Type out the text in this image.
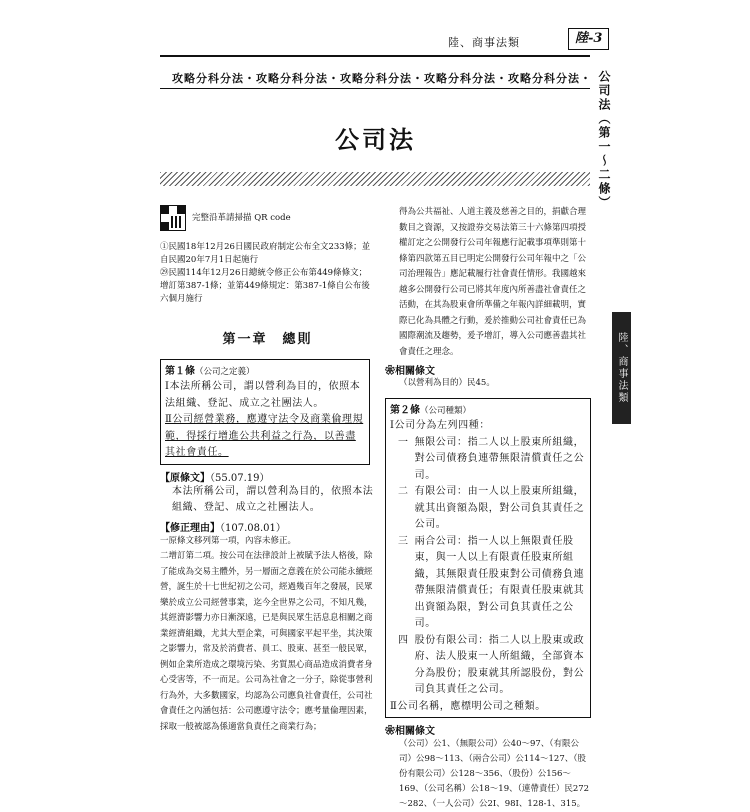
陸、商事法類	陸-3
攻略分科分法・攻略分科分法・攻略分科分法・攻略分科分法・攻略分科分法・
公司法	公司法（第一～二條）
陸、商事法類
完整沿革請掃描 QR code

①民國18年12月26日國民政府制定公布全文233條；並自民國20年7月1日起施行

㉙民國114年12月26日總統令修正公布第449條條文；增訂第387-1條；並第449條規定：第387-1條自公布後六個月施行

第一章　總則
第１條（公司之定義）

Ⅰ本法所稱公司，謂以營利為目的，依照本法組織、登記、成立之社團法人。

Ⅱ公司經營業務，應遵守法令及商業倫理規範，得採行增進公共利益之行為，以善盡其社會責任。

【原條文】（55.07.19）

本法所稱公司，謂以營利為目的，依照本法組織、登記、成立之社團法人。

【修正理由】（107.08.01）

一原條文移列第一項，內容未修正。

二增訂第二項。按公司在法律設計上被賦予法人格後，除了能成為交易主體外，另一層面之意義在於公司能永續經營，誕生於十七世紀初之公司，經過幾百年之發展，民眾樂於成立公司經營事業，迄今全世界之公司，不知凡幾，其經濟影響力亦日漸深遠，已是與民眾生活息息相關之商業經濟組織，尤其大型企業，可與國家平起平坐，其決策之影響力，常及於消費者、員工、股東、甚至一般民眾，例如企業所造成之環境污染、劣質黑心商品造成消費者身心受害等，不一而足。公司為社會之一分子，除從事營利行為外，大多數國家，均認為公司應負社會責任，公司社會責任之內涵包括：公司應遵守法令；應考量倫理因素，採取一般被認為係適當負責任之商業行為；

得為公共福祉、人道主義及慈善之目的，捐獻合理數目之資源，又按證券交易法第三十六條第四項授權訂定之公開發行公司年報應行記載事項準則第十條第四款第五目已明定公開發行公司年報中之「公司治理報告」應記載履行社會責任情形。我國越來越多公開發行公司已將其年度內所善盡社會責任之活動，在其為股東會所準備之年報內詳細載明，實際已化為具體之行動，爰於推動公司社會責任已為國際潮流及趨勢，爰予增訂，導入公司應善盡其社會責任之理念。

❀相關條文

（以營利為目的）民45。

第２條（公司種類）

Ⅰ公司分為左列四種：

一 無限公司：指二人以上股東所組織，對公司債務負連帶無限清償責任之公司。
二 有限公司：由一人以上股東所組織，就其出資額為限，對公司負其責任之公司。
三 兩合公司：指一人以上無限責任股東，與一人以上有限責任股東所組織，其無限責任股東對公司債務負連帶無限清償責任；有限責任股東就其出資額為限，對公司負其責任之公司。
四 股份有限公司：指二人以上股東或政府、法人股東一人所組織，全部資本分為股份；股東就其所認股份，對公司負其責任之公司。

Ⅱ公司名稱，應標明公司之種類。

❀相關條文

（公司）公1、（無限公司）公40～97、（有限公司）公98～113、（兩合公司）公114～127、（股份有限公司）公128～356、（股份）公156～169、（公司名稱）公18～19、（連帶責任）民272～282、（一人公司）公2Ⅰ、98Ⅰ、128-1、315。
